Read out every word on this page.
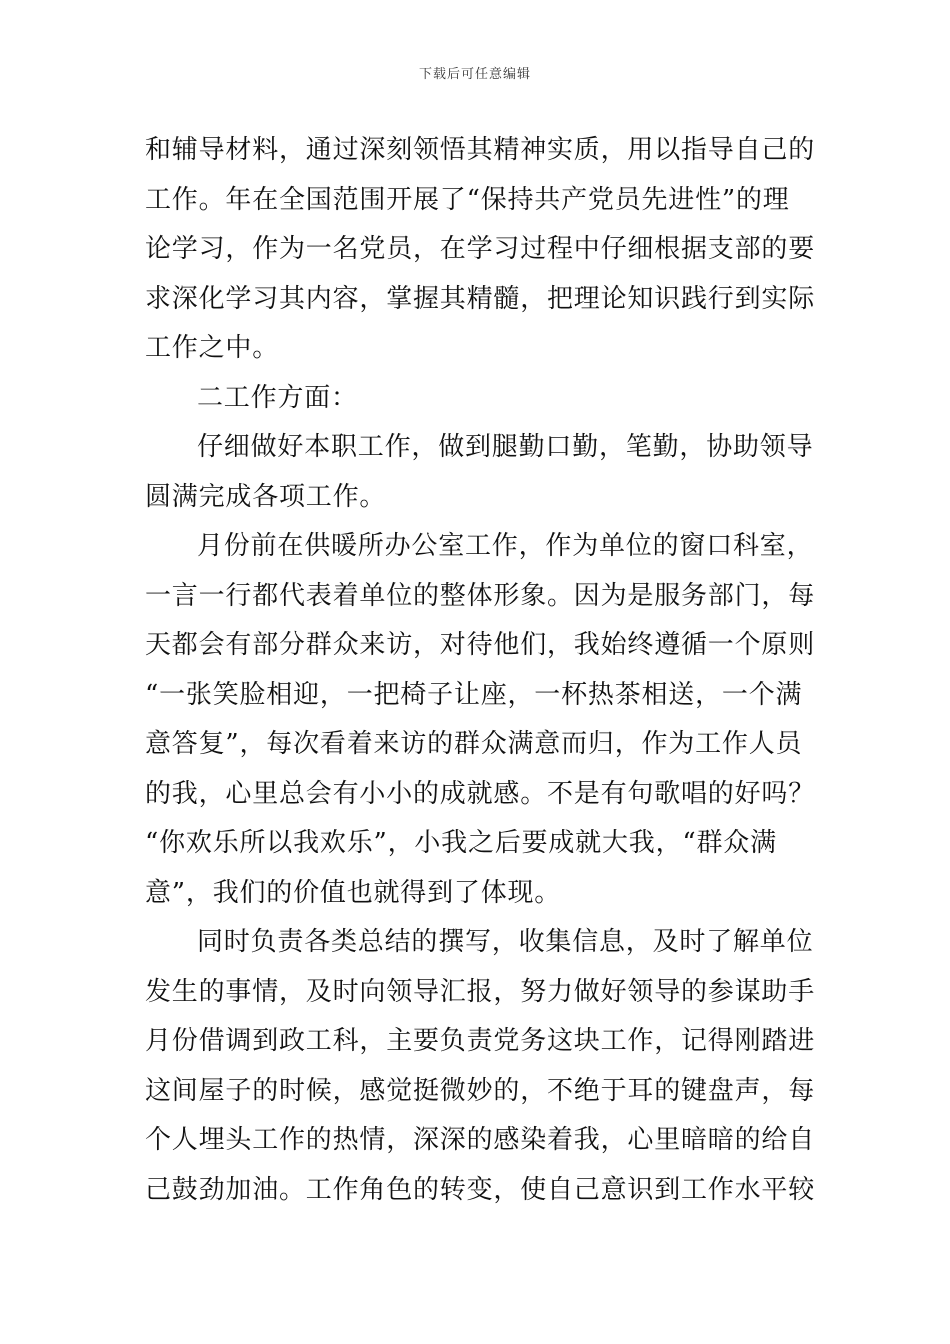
下载后可任意编辑
和辅导材料，通过深刻领悟其精神实质，用以指导自己的
工作。年在全国范围开展了“保持共产党员先进性”的理
论学习，作为一名党员，在学习过程中仔细根据支部的要
求深化学习其内容，掌握其精髓，把理论知识践行到实际
工作之中。
二工作方面：
仔细做好本职工作，做到腿勤口勤，笔勤，协助领导
圆满完成各项工作。
月份前在供暖所办公室工作，作为单位的窗口科室，
一言一行都代表着单位的整体形象。因为是服务部门，每
天都会有部分群众来访，对待他们，我始终遵循一个原则
“一张笑脸相迎，一把椅子让座，一杯热茶相送，一个满
意答复”，每次看着来访的群众满意而归，作为工作人员
的我，心里总会有小小的成就感。不是有句歌唱的好吗？
“你欢乐所以我欢乐”，小我之后要成就大我，“群众满
意”，我们的价值也就得到了体现。
同时负责各类总结的撰写，收集信息，及时了解单位
发生的事情，及时向领导汇报，努力做好领导的参谋助手
月份借调到政工科，主要负责党务这块工作，记得刚踏进
这间屋子的时候，感觉挺微妙的，不绝于耳的键盘声，每
个人埋头工作的热情，深深的感染着我，心里暗暗的给自
己鼓劲加油。工作角色的转变，使自己意识到工作水平较
